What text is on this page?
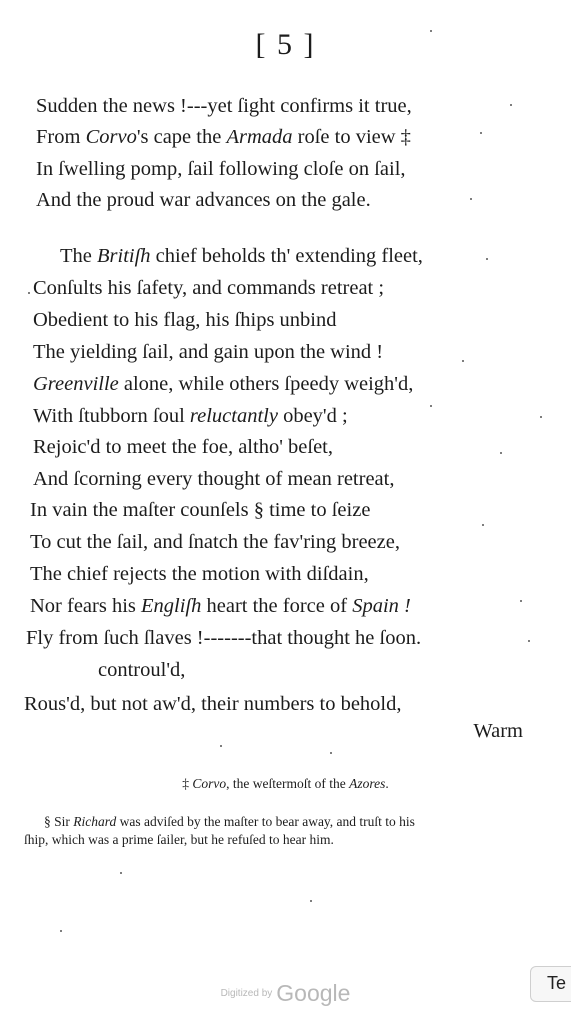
[ 5 ]
Sudden the news !---yet ſight confirms it true,
From Corvo's cape the Armada roſe to view ‡
In ſwelling pomp, ſail following cloſe on ſail,
And the proud war advances on the gale.
The Britiſh chief beholds th' extending fleet,
Conſults his ſafety, and commands retreat ;
Obedient to his flag, his ſhips unbind
The yielding ſail, and gain upon the wind !
Greenville alone, while others ſpeedy weigh'd,
With ſtubborn ſoul reluctantly obey'd ;
Rejoic'd to meet the foe, altho' beſet,
And ſcorning every thought of mean retreat,
In vain the maſter counſels § time to ſeize
To cut the ſail, and ſnatch the fav'ring breeze,
The chief rejects the motion with diſdain,
Nor fears his Engliſh heart the force of Spain !
Fly from ſuch ſlaves !-------that thought he ſoon.
controul'd,
Rous'd, but not aw'd, their numbers to behold,
Warm
‡ Corvo, the weſtermoſt of the Azores.
§ Sir Richard was adviſed by the maſter to bear away, and truſt to his
ſhip, which was a prime ſailer, but he refuſed to hear him.
Digitized by Google	Te
